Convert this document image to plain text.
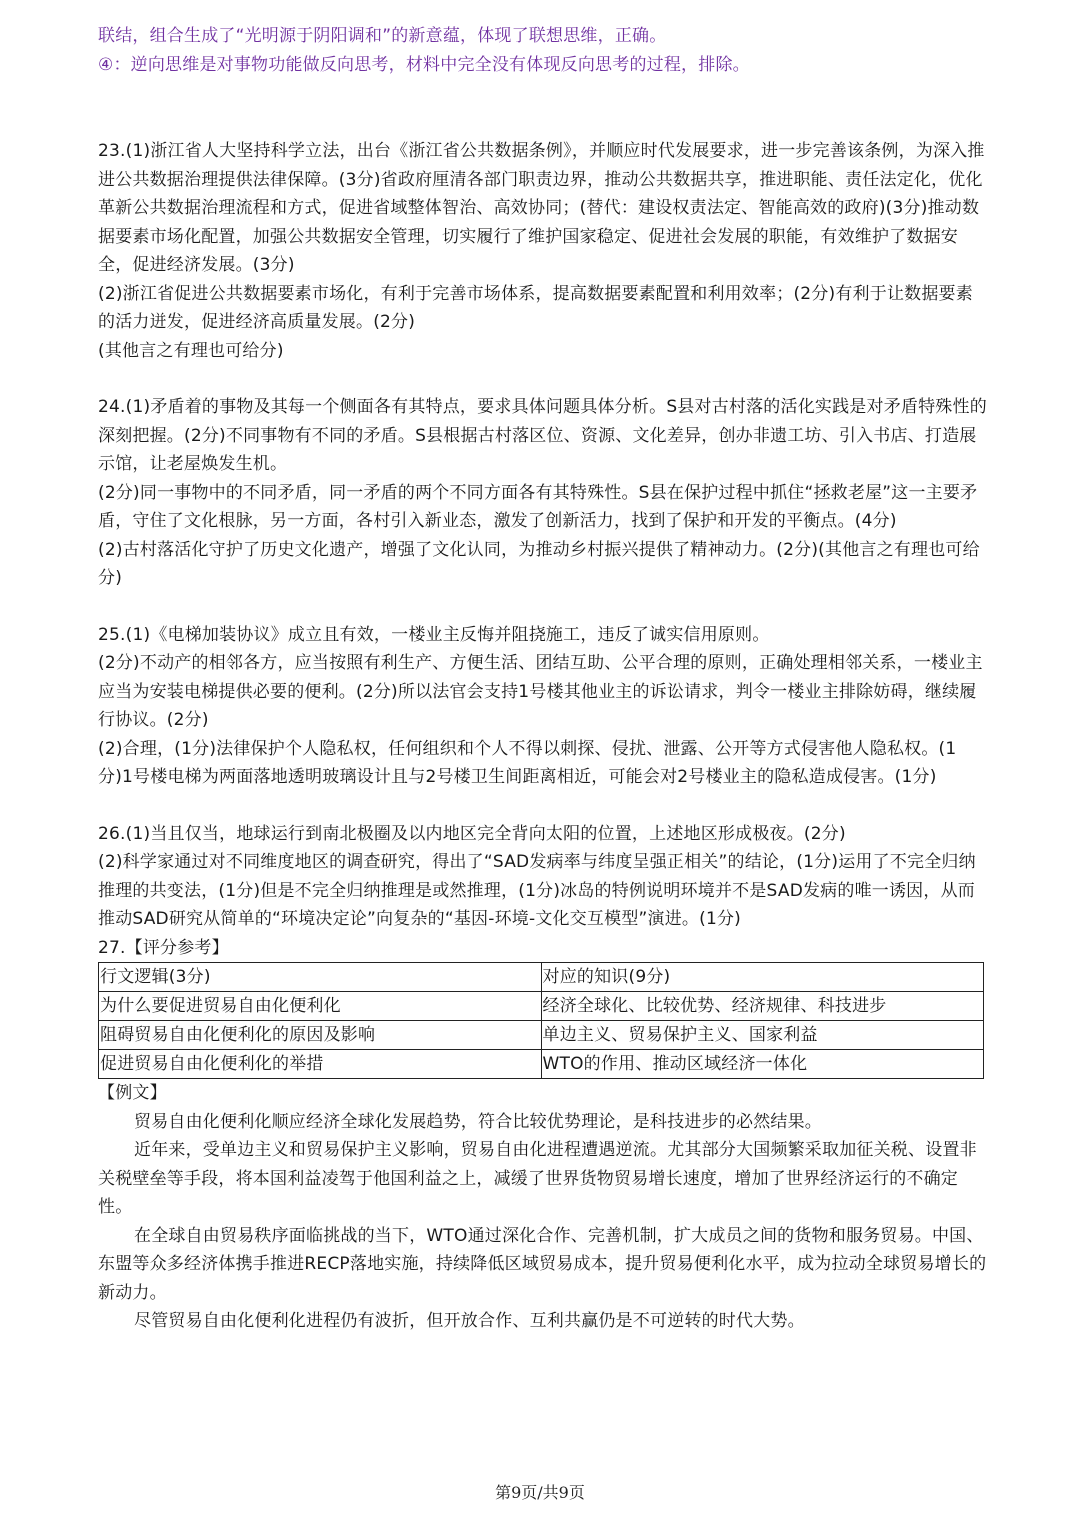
联结，组合生成了“光明源于阴阳调和”的新意蕴，体现了联想思维，正确。

④：逆向思维是对事物功能做反向思考，材料中完全没有体现反向思考的过程，排除。

23.(1)浙江省人大坚持科学立法，出台《浙江省公共数据条例》，并顺应时代发展要求，进一步完善该条例，为深入推进公共数据治理提供法律保障。(3分)省政府厘清各部门职责边界，推动公共数据共享，推进职能、责任法定化，优化革新公共数据治理流程和方式，促进省域整体智治、高效协同；(替代：建设权责法定、智能高效的政府)(3分)推动数据要素市场化配置，加强公共数据安全管理，切实履行了维护国家稳定、促进社会发展的职能，有效维护了数据安全，促进经济发展。(3分)

(2)浙江省促进公共数据要素市场化，有利于完善市场体系，提高数据要素配置和利用效率；(2分)有利于让数据要素的活力迸发，促进经济高质量发展。(2分)

(其他言之有理也可给分)

24.(1)矛盾着的事物及其每一个侧面各有其特点，要求具体问题具体分析。S县对古村落的活化实践是对矛盾特殊性的深刻把握。(2分)不同事物有不同的矛盾。S县根据古村落区位、资源、文化差异，创办非遗工坊、引入书店、打造展示馆，让老屋焕发生机。

(2分)同一事物中的不同矛盾，同一矛盾的两个不同方面各有其特殊性。S县在保护过程中抓住“拯救老屋”这一主要矛盾，守住了文化根脉，另一方面，各村引入新业态，激发了创新活力，找到了保护和开发的平衡点。(4分)

(2)古村落活化守护了历史文化遗产，增强了文化认同，为推动乡村振兴提供了精神动力。(2分)(其他言之有理也可给分)

25.(1)《电梯加装协议》成立且有效，一楼业主反悔并阻挠施工，违反了诚实信用原则。

(2分)不动产的相邻各方，应当按照有利生产、方便生活、团结互助、公平合理的原则，正确处理相邻关系，一楼业主应当为安装电梯提供必要的便利。(2分)所以法官会支持1号楼其他业主的诉讼请求，判令一楼业主排除妨碍，继续履行协议。(2分)

(2)合理，(1分)法律保护个人隐私权，任何组织和个人不得以刺探、侵扰、泄露、公开等方式侵害他人隐私权。(1分)1号楼电梯为两面落地透明玻璃设计且与2号楼卫生间距离相近，可能会对2号楼业主的隐私造成侵害。(1分)

26.(1)当且仅当，地球运行到南北极圈及以内地区完全背向太阳的位置，上述地区形成极夜。(2分)

(2)科学家通过对不同维度地区的调查研究，得出了“SAD发病率与纬度呈强正相关”的结论，(1分)运用了不完全归纳推理的共变法，(1分)但是不完全归纳推理是或然推理，(1分)冰岛的特例说明环境并不是SAD发病的唯一诱因，从而推动SAD研究从简单的“环境决定论”向复杂的“基因-环境-文化交互模型”演进。(1分)

27.【评分参考】

行文逻辑(3分)	对应的知识(9分)
为什么要促进贸易自由化便利化	经济全球化、比较优势、经济规律、科技进步
阻碍贸易自由化便利化的原因及影响	单边主义、贸易保护主义、国家利益
促进贸易自由化便利化的举措	WTO的作用、推动区域经济一体化

【例文】

贸易自由化便利化顺应经济全球化发展趋势，符合比较优势理论，是科技进步的必然结果。

近年来，受单边主义和贸易保护主义影响，贸易自由化进程遭遇逆流。尤其部分大国频繁采取加征关税、设置非关税壁垒等手段，将本国利益凌驾于他国利益之上，减缓了世界货物贸易增长速度，增加了世界经济运行的不确定性。

在全球自由贸易秩序面临挑战的当下，WTO通过深化合作、完善机制，扩大成员之间的货物和服务贸易。中国、东盟等众多经济体携手推进RECP落地实施，持续降低区域贸易成本，提升贸易便利化水平，成为拉动全球贸易增长的新动力。

尽管贸易自由化便利化进程仍有波折，但开放合作、互利共赢仍是不可逆转的时代大势。

第9页/共9页
